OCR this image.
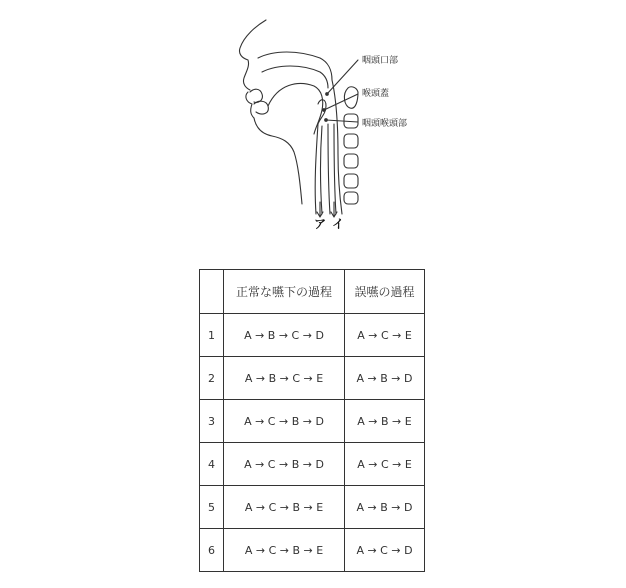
咽頭口部
喉頭蓋
咽頭喉頭部
ア イ
	正常な嚥下の過程	誤嚥の過程
1	A → B → C → D	A → C → E
2	A → B → C → E	A → B → D
3	A → C → B → D	A → B → E
4	A → C → B → D	A → C → E
5	A → C → B → E	A → B → D
6	A → C → B → E	A → C → D
